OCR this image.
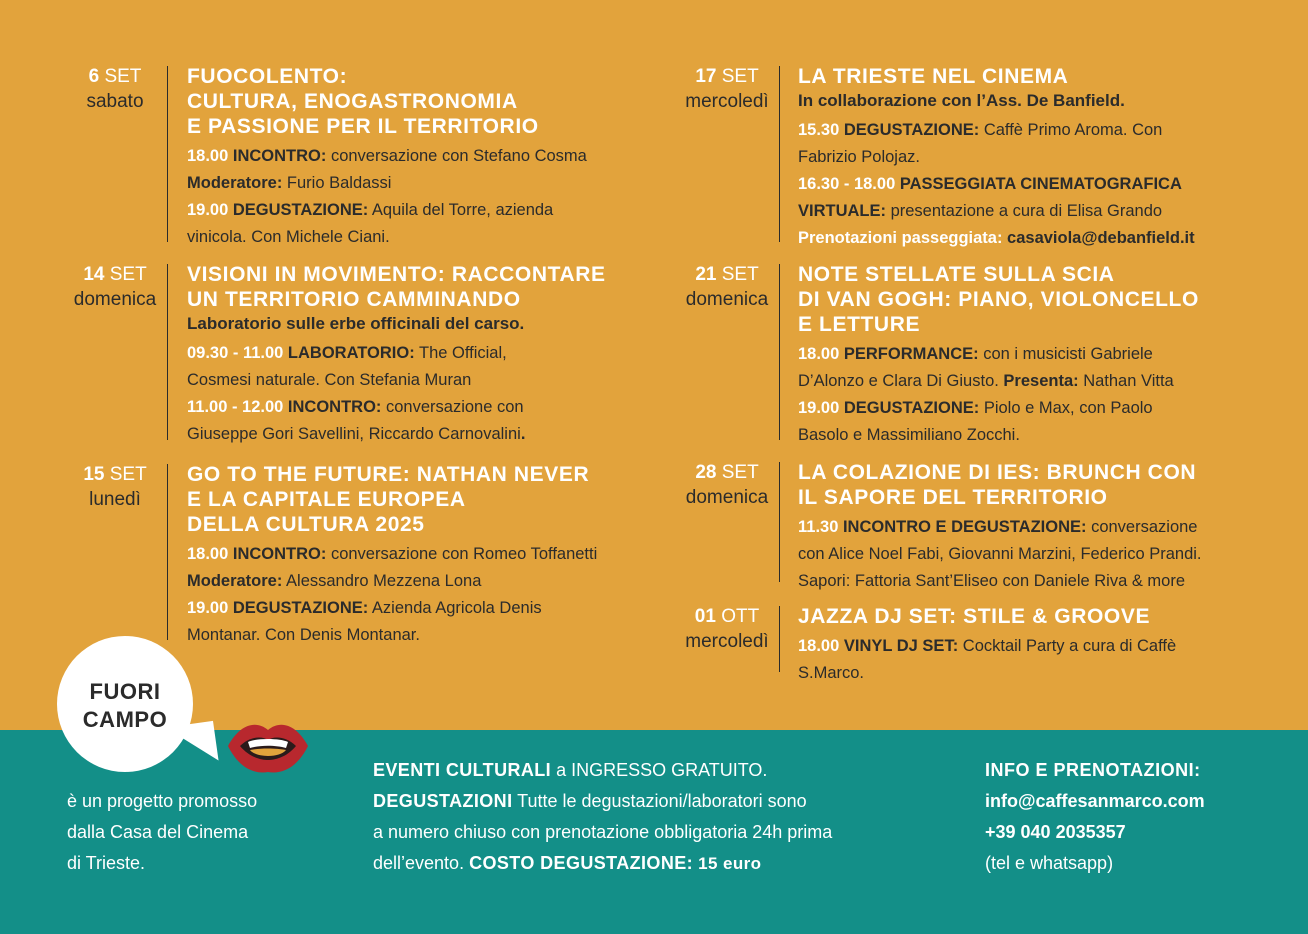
6 SET
sabato
FUOCOLENTO:
CULTURA, ENOGASTRONOMIA
E PASSIONE PER IL TERRITORIO
18.00 INCONTRO: conversazione con Stefano Cosma
Moderatore: Furio Baldassi
19.00 DEGUSTAZIONE: Aquila del Torre, azienda
vinicola. Con Michele Ciani.
14 SET
domenica
VISIONI IN MOVIMENTO: RACCONTARE
UN TERRITORIO CAMMINANDO
Laboratorio sulle erbe officinali del carso.
09.30 - 11.00 LABORATORIO: The Official,
Cosmesi naturale. Con Stefania Muran
11.00 - 12.00 INCONTRO: conversazione con
Giuseppe Gori Savellini, Riccardo Carnovalini.
15 SET
lunedì
GO TO THE FUTURE: NATHAN NEVER
E LA CAPITALE EUROPEA
DELLA CULTURA 2025
18.00 INCONTRO: conversazione con Romeo Toffanetti
Moderatore: Alessandro Mezzena Lona
19.00 DEGUSTAZIONE: Azienda Agricola Denis
Montanar. Con Denis Montanar.
17 SET
mercoledì
LA TRIESTE NEL CINEMA
In collaborazione con l’Ass. De Banfield.
15.30 DEGUSTAZIONE: Caffè Primo Aroma. Con
Fabrizio Polojaz.
16.30 - 18.00 PASSEGGIATA CINEMATOGRAFICA
VIRTUALE: presentazione a cura di Elisa Grando
Prenotazioni passeggiata: casaviola@debanfield.it
21 SET
domenica
NOTE STELLATE SULLA SCIA
DI VAN GOGH: PIANO, VIOLONCELLO
E LETTURE
18.00 PERFORMANCE: con i musicisti Gabriele
D’Alonzo e Clara Di Giusto. Presenta: Nathan Vitta
19.00 DEGUSTAZIONE: Piolo e Max, con Paolo
Basolo e Massimiliano Zocchi.
28 SET
domenica
LA COLAZIONE DI IES: BRUNCH CON
IL SAPORE DEL TERRITORIO
11.30 INCONTRO E DEGUSTAZIONE: conversazione
con Alice Noel Fabi, Giovanni Marzini, Federico Prandi.
Sapori: Fattoria Sant’Eliseo con Daniele Riva & more
01 OTT
mercoledì
JAZZA DJ SET: STILE & GROOVE
18.00 VINYL DJ SET: Cocktail Party a cura di Caffè
S.Marco.
FUORI
CAMPO
è un progetto promosso
dalla Casa del Cinema
di Trieste.
EVENTI CULTURALI a INGRESSO GRATUITO.
DEGUSTAZIONI Tutte le degustazioni/laboratori sono
a numero chiuso con prenotazione obbligatoria 24h prima
dell’evento. COSTO DEGUSTAZIONE: 15 euro
INFO E PRENOTAZIONI:
info@caffesanmarco.com
+39 040 2035357
(tel e whatsapp)
